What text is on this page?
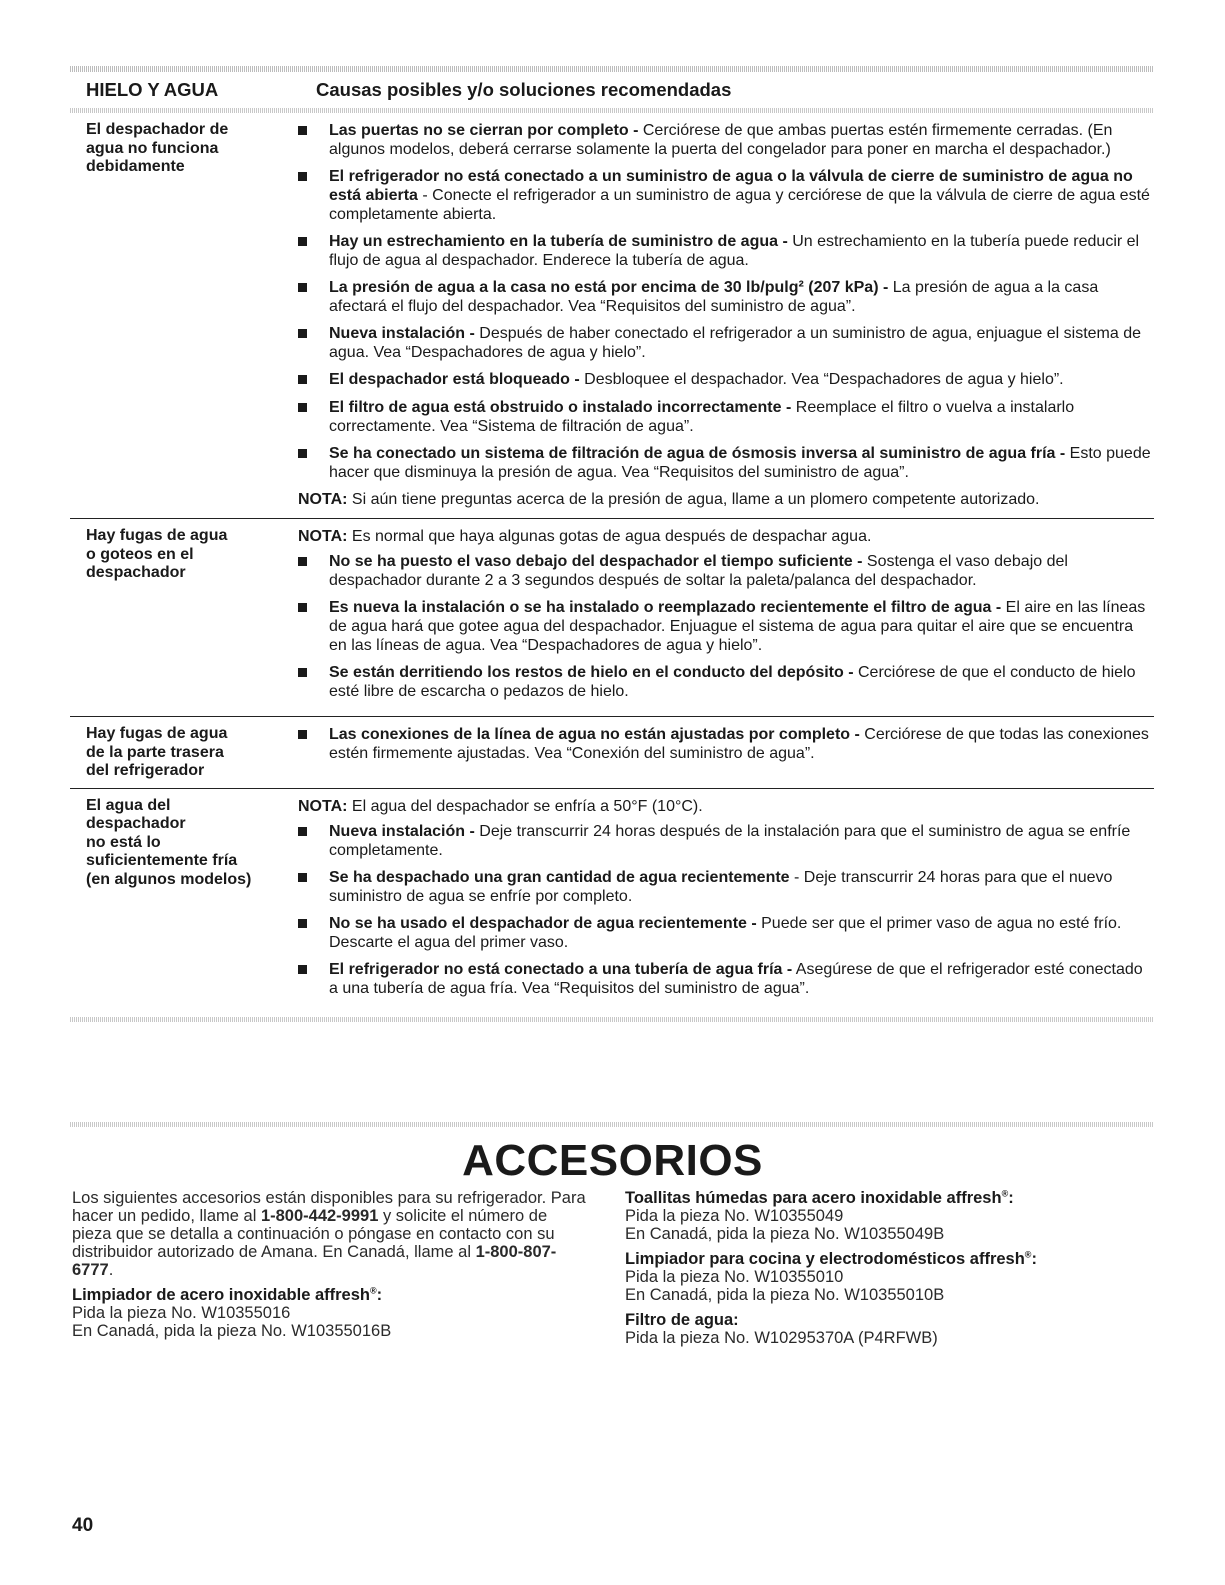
HIELO Y AGUA	Causas posibles y/o soluciones recomendadas
El despachador de
agua no funciona
debidamente
Las puertas no se cierran por completo - Cerciórese de que ambas puertas estén firmemente cerradas. (En algunos modelos, deberá cerrarse solamente la puerta del congelador para poner en marcha el despachador.)
El refrigerador no está conectado a un suministro de agua o la válvula de cierre de suministro de agua no está abierta - Conecte el refrigerador a un suministro de agua y cerciórese de que la válvula de cierre de agua esté completamente abierta.
Hay un estrechamiento en la tubería de suministro de agua - Un estrechamiento en la tubería puede reducir el flujo de agua al despachador. Enderece la tubería de agua.
La presión de agua a la casa no está por encima de 30 lb/pulg² (207 kPa) - La presión de agua a la casa afectará el flujo del despachador. Vea “Requisitos del suministro de agua”.
Nueva instalación - Después de haber conectado el refrigerador a un suministro de agua, enjuague el sistema de agua. Vea “Despachadores de agua y hielo”.
El despachador está bloqueado - Desbloquee el despachador. Vea “Despachadores de agua y hielo”.
El filtro de agua está obstruido o instalado incorrectamente - Reemplace el filtro o vuelva a instalarlo correctamente. Vea “Sistema de filtración de agua”.
Se ha conectado un sistema de filtración de agua de ósmosis inversa al suministro de agua fría - Esto puede hacer que disminuya la presión de agua. Vea “Requisitos del suministro de agua”.
NOTA: Si aún tiene preguntas acerca de la presión de agua, llame a un plomero competente autorizado.
Hay fugas de agua
o goteos en el
despachador
NOTA: Es normal que haya algunas gotas de agua después de despachar agua.
No se ha puesto el vaso debajo del despachador el tiempo suficiente - Sostenga el vaso debajo del despachador durante 2 a 3 segundos después de soltar la paleta/palanca del despachador.
Es nueva la instalación o se ha instalado o reemplazado recientemente el filtro de agua - El aire en las líneas de agua hará que gotee agua del despachador. Enjuague el sistema de agua para quitar el aire que se encuentra en las líneas de agua. Vea “Despachadores de agua y hielo”.
Se están derritiendo los restos de hielo en el conducto del depósito - Cerciórese de que el conducto de hielo esté libre de escarcha o pedazos de hielo.
Hay fugas de agua
de la parte trasera
del refrigerador
Las conexiones de la línea de agua no están ajustadas por completo - Cerciórese de que todas las conexiones estén firmemente ajustadas. Vea “Conexión del suministro de agua”.
El agua del
despachador
no está lo
suficientemente fría
(en algunos modelos)
NOTA: El agua del despachador se enfría a 50°F (10°C).
Nueva instalación - Deje transcurrir 24 horas después de la instalación para que el suministro de agua se enfríe completamente.
Se ha despachado una gran cantidad de agua recientemente - Deje transcurrir 24 horas para que el nuevo suministro de agua se enfríe por completo.
No se ha usado el despachador de agua recientemente - Puede ser que el primer vaso de agua no esté frío. Descarte el agua del primer vaso.
El refrigerador no está conectado a una tubería de agua fría - Asegúrese de que el refrigerador esté conectado a una tubería de agua fría. Vea “Requisitos del suministro de agua”.
ACCESORIOS

Los siguientes accesorios están disponibles para su refrigerador. Para hacer un pedido, llame al 1-800-442-9991 y solicite el número de pieza que se detalla a continuación o póngase en contacto con su distribuidor autorizado de Amana. En Canadá, llame al 1-800-807-6777.

Limpiador de acero inoxidable affresh®:
Pida la pieza No. W10355016
En Canadá, pida la pieza No. W10355016B
Toallitas húmedas para acero inoxidable affresh®:
Pida la pieza No. W10355049
En Canadá, pida la pieza No. W10355049B
Limpiador para cocina y electrodomésticos affresh®:
Pida la pieza No. W10355010
En Canadá, pida la pieza No. W10355010B
Filtro de agua:
Pida la pieza No. W10295370A (P4RFWB)
40
